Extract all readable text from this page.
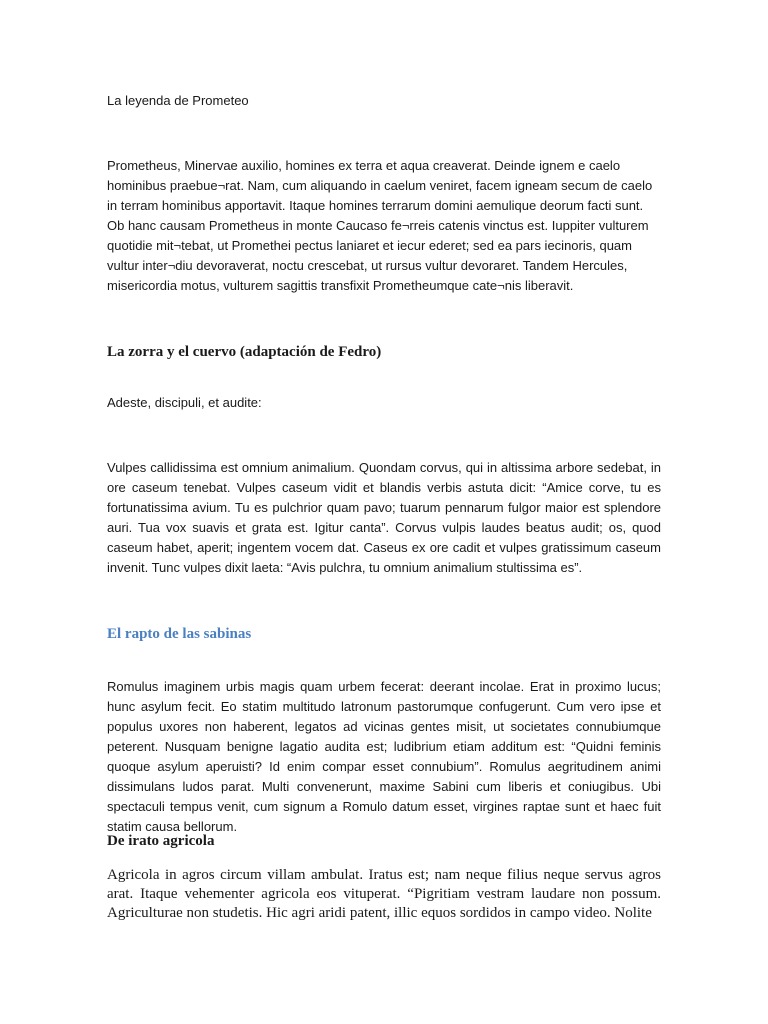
La leyenda de Prometeo

Prometheus, Minervae auxilio, homines ex terra et aqua creaverat. Deinde ignem e caelo hominibus praebue¬rat. Nam, cum aliquando in caelum veniret, facem igneam secum de caelo in terram hominibus apportavit. Itaque homines terrarum domini aemulique deorum facti sunt. Ob hanc causam Prometheus in monte Caucaso fe¬rreis catenis vinctus est. Iuppiter vulturem quotidie mit¬tebat, ut Promethei pectus laniaret et iecur ederet; sed ea pars iecinoris, quam vultur inter¬diu devoraverat, noctu crescebat, ut rursus vultur devoraret. Tandem Hercules, misericordia motus, vulturem sagittis transfixit Prometheumque cate¬nis liberavit.

La zorra y el cuervo (adaptación de Fedro)

Adeste, discipuli, et audite:

Vulpes callidissima est omnium animalium. Quondam corvus, qui in altissima arbore sedebat, in ore caseum tenebat. Vulpes caseum vidit et blandis verbis astuta dicit: “Amice corve, tu es fortunatissima avium. Tu es pulchrior quam pavo; tuarum pennarum fulgor maior est splendore auri. Tua vox suavis et grata est. Igitur canta”. Corvus vulpis laudes beatus audit; os, quod caseum habet, aperit; ingentem vocem dat. Caseus ex ore cadit et vulpes gratissimum caseum invenit. Tunc vulpes dixit laeta: “Avis pulchra, tu omnium animalium stultissima es”.

El rapto de las sabinas

Romulus imaginem urbis magis quam urbem fecerat: deerant incolae. Erat in proximo lucus; hunc asylum fecit. Eo statim multitudo latronum pastorumque confugerunt. Cum vero ipse et populus uxores non haberent, legatos ad vicinas gentes misit, ut societates connubiumque peterent. Nusquam benigne lagatio audita est; ludibrium etiam additum est: “Quidni feminis quoque asylum aperuisti? Id enim compar esset connubium”. Romulus aegritudinem animi dissimulans ludos parat. Multi convenerunt, maxime Sabini cum liberis et coniugibus. Ubi spectaculi tempus venit, cum signum a Romulo datum esset, virgines raptae sunt et haec fuit statim causa bellorum.

De irato agricola

Agricola in agros circum villam ambulat. Iratus est; nam neque filius neque servus agros arat. Itaque vehementer agricola eos vituperat. “Pigritiam vestram laudare non possum. Agriculturae non studetis. Hic agri aridi patent, illic equos sordidos in campo video. Nolite
